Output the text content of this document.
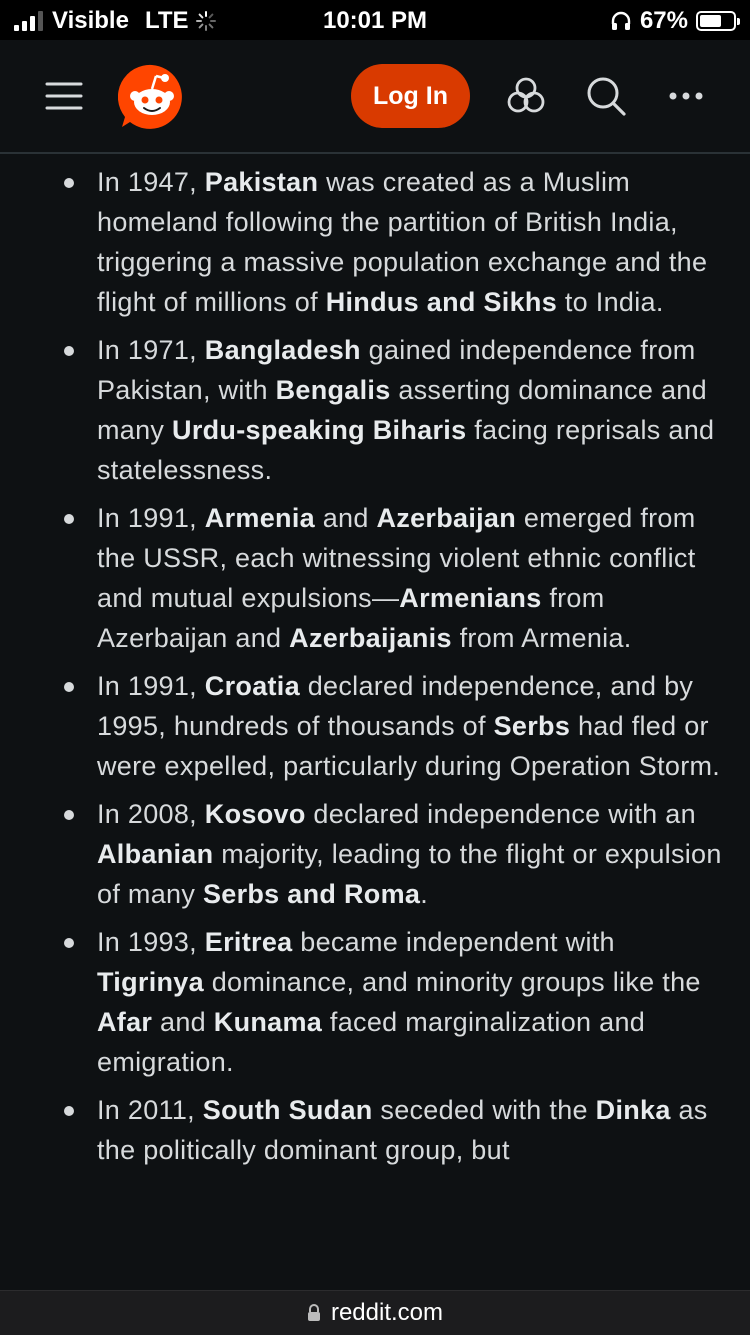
Visible LTE	10:01 PM	67%
Log In
In 1947, Pakistan was created as a Muslim homeland following the partition of British India, triggering a massive population exchange and the flight of millions of Hindus and Sikhs to India.
In 1971, Bangladesh gained independence from Pakistan, with Bengalis asserting dominance and many Urdu-speaking Biharis facing reprisals and statelessness.
In 1991, Armenia and Azerbaijan emerged from the USSR, each witnessing violent ethnic conflict and mutual expulsions—Armenians from Azerbaijan and Azerbaijanis from Armenia.
In 1991, Croatia declared independence, and by 1995, hundreds of thousands of Serbs had fled or were expelled, particularly during Operation Storm.
In 2008, Kosovo declared independence with an Albanian majority, leading to the flight or expulsion of many Serbs and Roma.
In 1993, Eritrea became independent with Tigrinya dominance, and minority groups like the Afar and Kunama faced marginalization and emigration.
In 2011, South Sudan seceded with the Dinka as the politically dominant group, but
reddit.com
